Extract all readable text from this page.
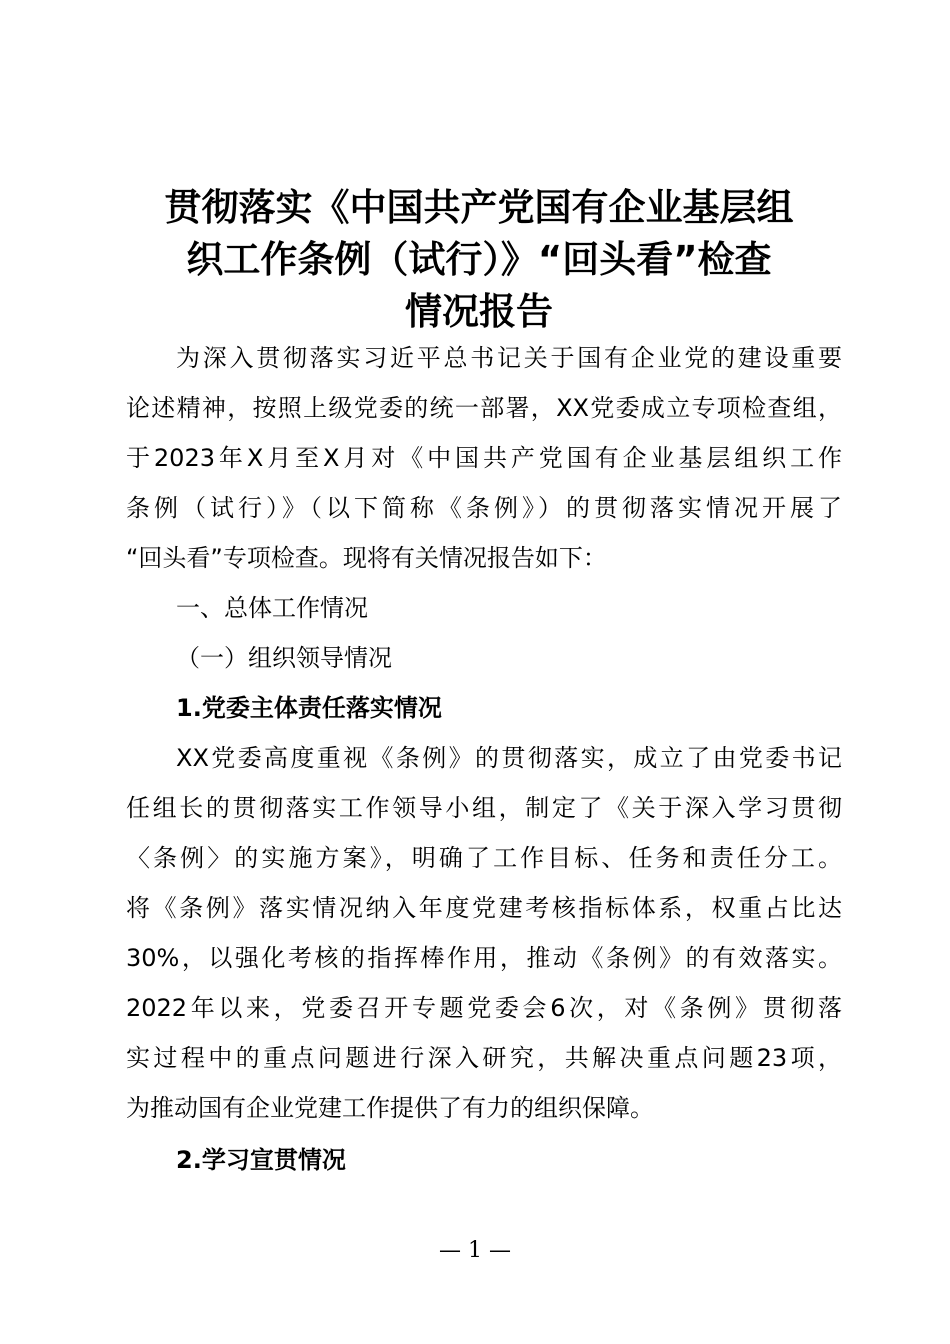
贯彻落实《中国共产党国有企业基层组
织工作条例（试行）》“回头看”检查
情况报告
为深入贯彻落实习近平总书记关于国有企业党的建设重要
论述精神，按照上级党委的统一部署，XX党委成立专项检查组，
于2023年X月至X月对《中国共产党国有企业基层组织工作
条例（试行）》（以下简称《条例》）的贯彻落实情况开展了
“回头看”专项检查。现将有关情况报告如下：
一、总体工作情况
（一）组织领导情况
1.党委主体责任落实情况
XX党委高度重视《条例》的贯彻落实，成立了由党委书记
任组长的贯彻落实工作领导小组，制定了《关于深入学习贯彻
〈条例〉的实施方案》，明确了工作目标、任务和责任分工。
将《条例》落实情况纳入年度党建考核指标体系，权重占比达
30%，以强化考核的指挥棒作用，推动《条例》的有效落实。
2022年以来，党委召开专题党委会6次，对《条例》贯彻落
实过程中的重点问题进行深入研究，共解决重点问题23项，
为推动国有企业党建工作提供了有力的组织保障。
2.学习宣贯情况
— 1 —
